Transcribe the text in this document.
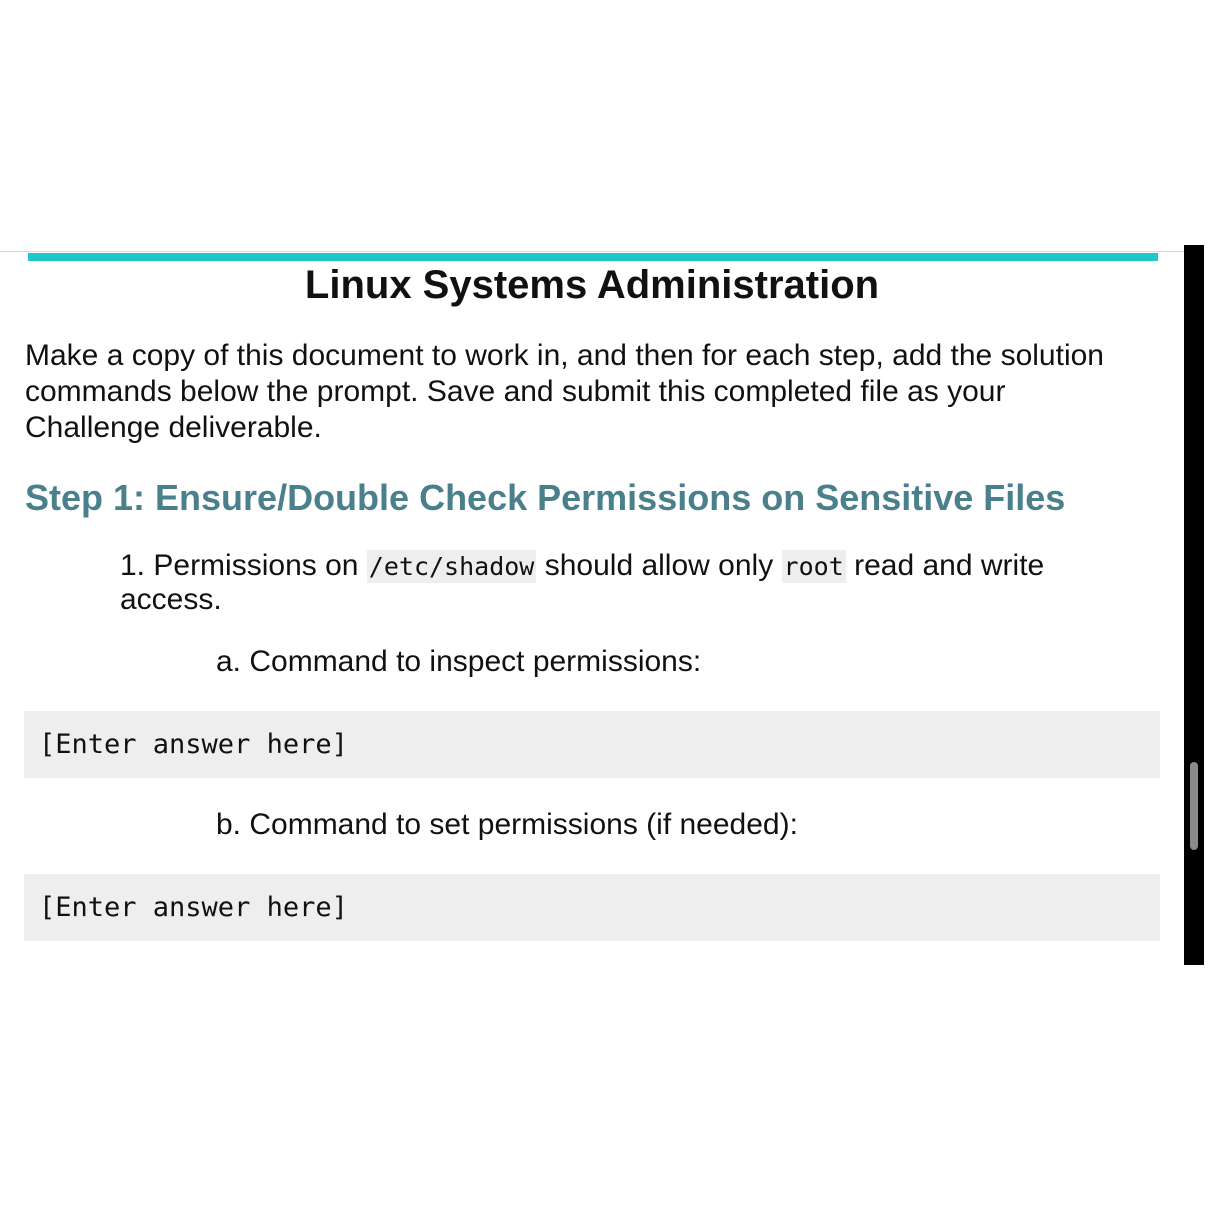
Linux Systems Administration

Make a copy of this document to work in, and then for each step, add the solution commands below the prompt. Save and submit this completed file as your Challenge deliverable.

Step 1: Ensure/Double Check Permissions on Sensitive Files

1. Permissions on /etc/shadow should allow only root read and write access.

a. Command to inspect permissions:

[Enter answer here]

b. Command to set permissions (if needed):

[Enter answer here]
